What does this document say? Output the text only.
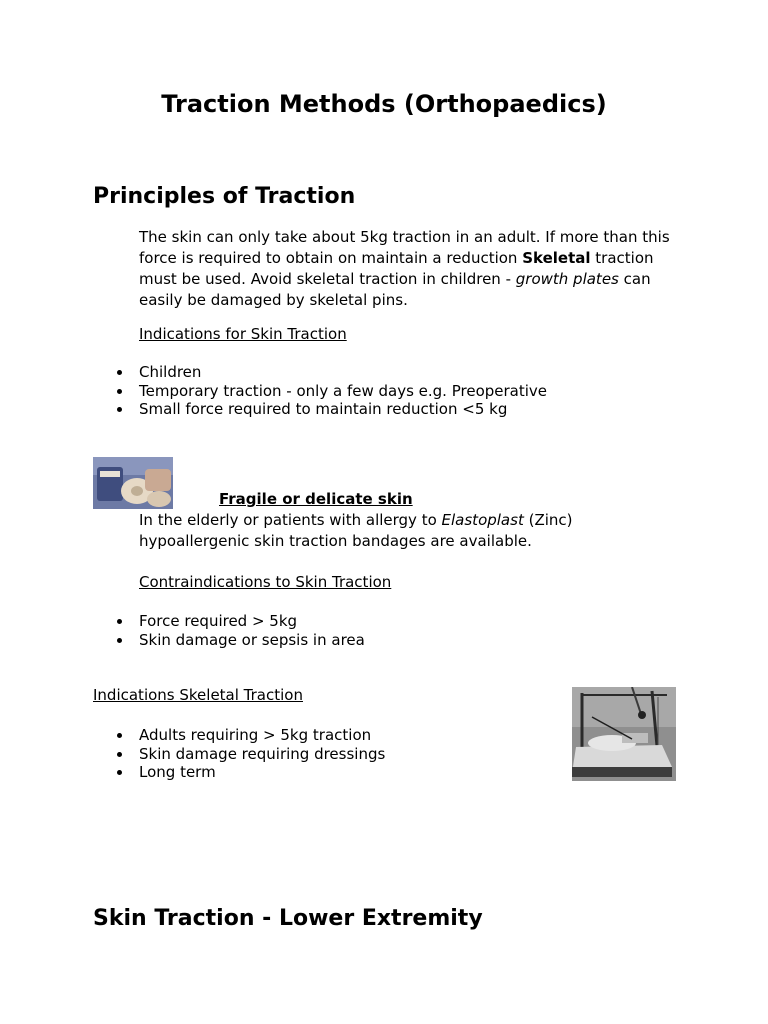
Traction Methods (Orthopaedics)
Principles of Traction

The skin can only take about 5kg traction in an adult. If more than this force is required to obtain on maintain a reduction Skeletal traction must be used. Avoid skeletal traction in children - growth plates can easily be damaged by skeletal pins.

Indications for Skin Traction

Children
Temporary traction - only a few days e.g. Preoperative
Small force required to maintain reduction <5 kg

Fragile or delicate skin

In the elderly or patients with allergy to Elastoplast (Zinc) hypoallergenic skin traction bandages are available.

Contraindications to Skin Traction

Force required > 5kg
Skin damage or sepsis in area

Indications Skeletal Traction

Adults requiring > 5kg traction
Skin damage requiring dressings
Long term
Skin Traction - Lower Extremity
